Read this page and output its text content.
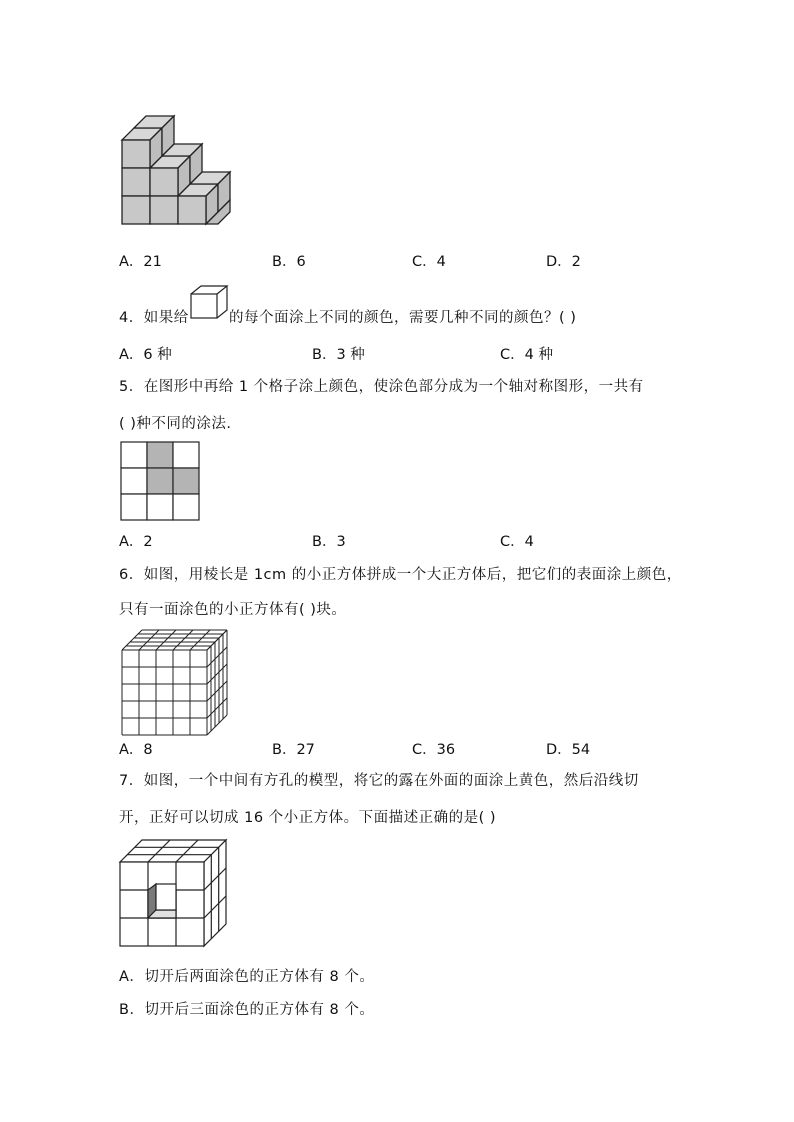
A．21	B．6	C．4	D．2
4．如果给	的每个面涂上不同的颜色，需要几种不同的颜色？( )
A．6 种	B．3 种	C．4 种
5．在图形中再给 1 个格子涂上颜色，使涂色部分成为一个轴对称图形，一共有
( )种不同的涂法.
A．2	B．3	C．4
6．如图，用棱长是 1cm 的小正方体拼成一个大正方体后，把它们的表面涂上颜色，
只有一面涂色的小正方体有( )块。
A．8	B．27	C．36	D．54
7．如图，一个中间有方孔的模型，将它的露在外面的面涂上黄色，然后沿线切
开，正好可以切成 16 个小正方体。下面描述正确的是( )
A．切开后两面涂色的正方体有 8 个。
B．切开后三面涂色的正方体有 8 个。
